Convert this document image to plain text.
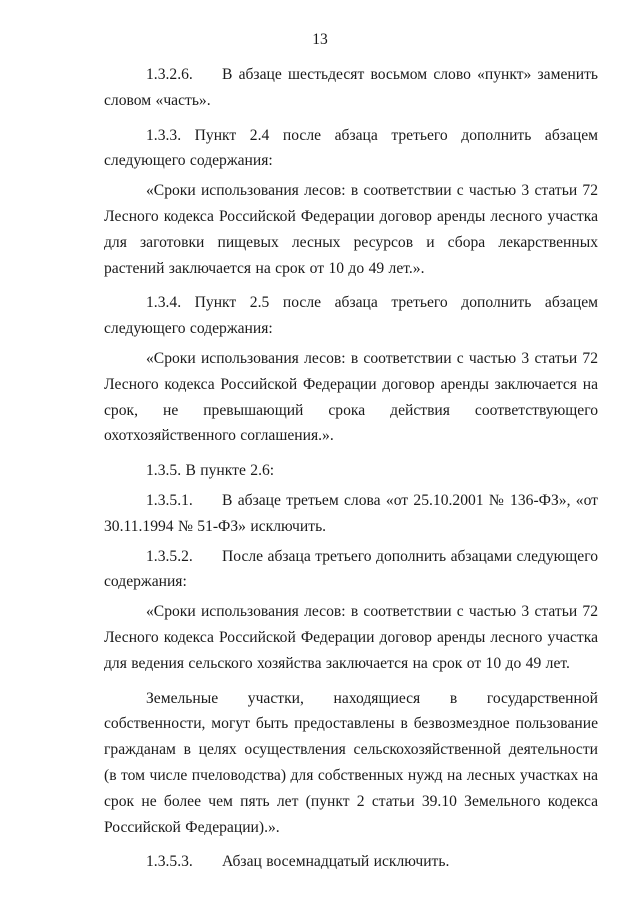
13

1.3.2.6. В абзаце шестьдесят восьмом слово «пункт» заменить словом «часть».

1.3.3. Пункт 2.4 после абзаца третьего дополнить абзацем следующего содержания:

«Сроки использования лесов: в соответствии с частью 3 статьи 72 Лесного кодекса Российской Федерации договор аренды лесного участка для заготовки пищевых лесных ресурсов и сбора лекарственных растений заключается на срок от 10 до 49 лет.».

1.3.4. Пункт 2.5 после абзаца третьего дополнить абзацем следующего содержания:

«Сроки использования лесов: в соответствии с частью 3 статьи 72 Лесного кодекса Российской Федерации договор аренды заключается на срок, не превышающий срока действия соответствующего охотхозяйственного соглашения.».

1.3.5. В пункте 2.6:

1.3.5.1. В абзаце третьем слова «от 25.10.2001 № 136-ФЗ», «от 30.11.1994 № 51-ФЗ» исключить.

1.3.5.2. После абзаца третьего дополнить абзацами следующего содержания:

«Сроки использования лесов: в соответствии с частью 3 статьи 72 Лесного кодекса Российской Федерации договор аренды лесного участка для ведения сельского хозяйства заключается на срок от 10 до 49 лет.

Земельные участки, находящиеся в государственной собственности, могут быть предоставлены в безвозмездное пользование гражданам в целях осуществления сельскохозяйственной деятельности (в том числе пчеловодства) для собственных нужд на лесных участках на срок не более чем пять лет (пункт 2 статьи 39.10 Земельного кодекса Российской Федерации).».

1.3.5.3. Абзац восемнадцатый исключить.
